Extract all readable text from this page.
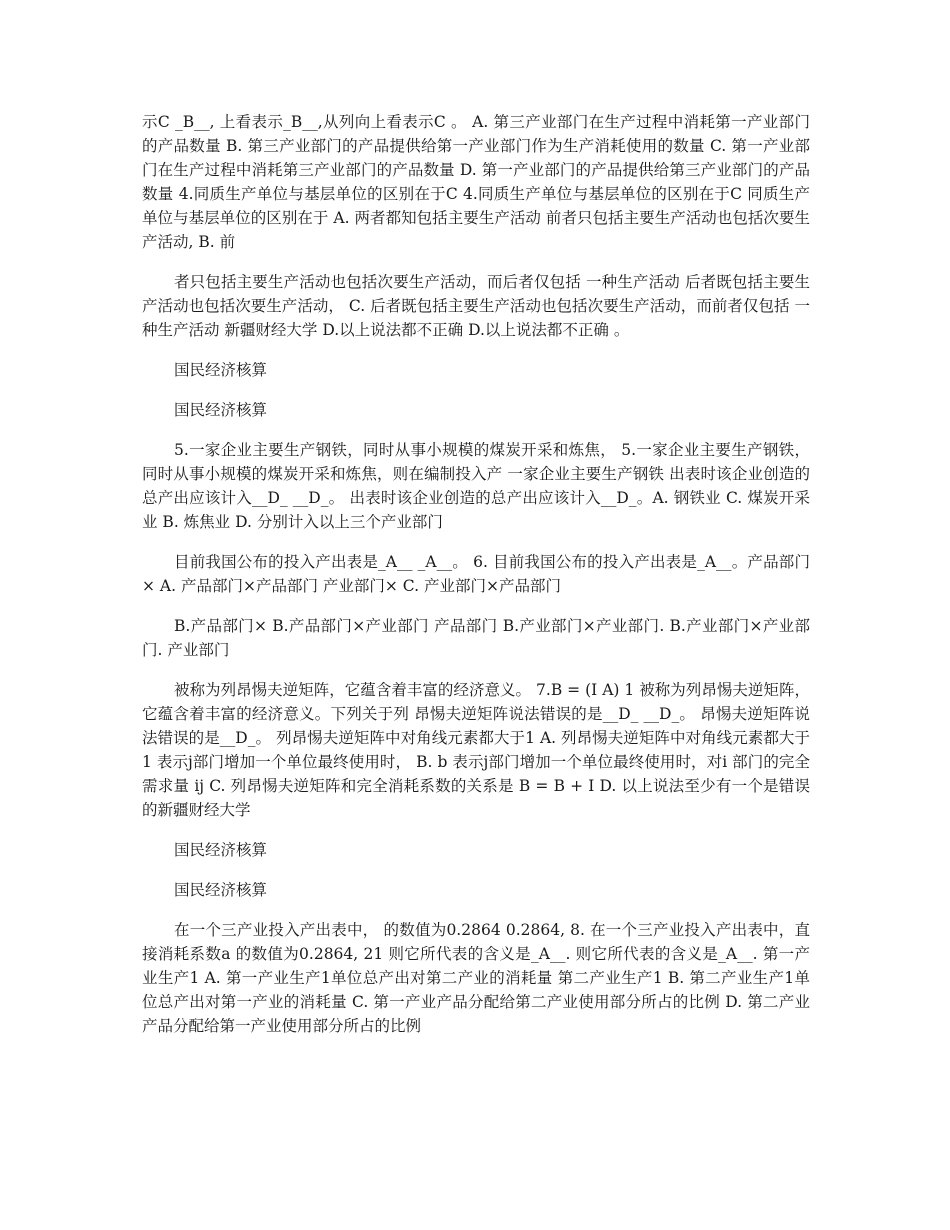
示C _B__, 上看表示_B__,从列向上看表示C 。 A. 第三产业部门在生产过程中消耗第一产业部门的产品数量 B. 第三产业部门的产品提供给第一产业部门作为生产消耗使用的数量 C. 第一产业部门在生产过程中消耗第三产业部门的产品数量 D. 第一产业部门的产品提供给第三产业部门的产品数量 4.同质生产单位与基层单位的区别在于C 4.同质生产单位与基层单位的区别在于C 同质生产单位与基层单位的区别在于 A. 两者都知包括主要生产活动 前者只包括主要生产活动也包括次要生产活动, B. 前

者只包括主要生产活动也包括次要生产活动，而后者仅包括 一种生产活动 后者既包括主要生产活动也包括次要生产活动， C. 后者既包括主要生产活动也包括次要生产活动，而前者仅包括 一种生产活动 新疆财经大学 D.以上说法都不正确 D.以上说法都不正确 。

国民经济核算

国民经济核算

5.一家企业主要生产钢铁，同时从事小规模的煤炭开采和炼焦， 5.一家企业主要生产钢铁，同时从事小规模的煤炭开采和炼焦，则在编制投入产 一家企业主要生产钢铁 出表时该企业创造的总产出应该计入__D_ __D_。 出表时该企业创造的总产出应该计入__D_。A. 钢铁业 C. 煤炭开采业 B. 炼焦业 D. 分别计入以上三个产业部门

目前我国公布的投入产出表是_A__ _A__。 6. 目前我国公布的投入产出表是_A__。产品部门× A. 产品部门×产品部门 产业部门× C. 产业部门×产品部门

B.产品部门× B.产品部门×产业部门 产品部门 B.产业部门×产业部门. B.产业部门×产业部门. 产业部门

被称为列昂惕夫逆矩阵，它蕴含着丰富的经济意义。 7.B = (I A) 1 被称为列昂惕夫逆矩阵，它蕴含着丰富的经济意义。下列关于列 昂惕夫逆矩阵说法错误的是__D_ __D_。 昂惕夫逆矩阵说法错误的是__D_。 列昂惕夫逆矩阵中对角线元素都大于1 A. 列昂惕夫逆矩阵中对角线元素都大于1 表示j部门增加一个单位最终使用时， B. b 表示j部门增加一个单位最终使用时，对i 部门的完全需求量 ij C. 列昂惕夫逆矩阵和完全消耗系数的关系是 B = B + I D. 以上说法至少有一个是错误的新疆财经大学

国民经济核算

国民经济核算

在一个三产业投入产出表中， 的数值为0.2864 0.2864, 8. 在一个三产业投入产出表中，直接消耗系数a 的数值为0.2864, 21 则它所代表的含义是_A__. 则它所代表的含义是_A__. 第一产业生产1 A. 第一产业生产1单位总产出对第二产业的消耗量 第二产业生产1 B. 第二产业生产1单位总产出对第一产业的消耗量 C. 第一产业产品分配给第二产业使用部分所占的比例 D. 第二产业产品分配给第一产业使用部分所占的比例
